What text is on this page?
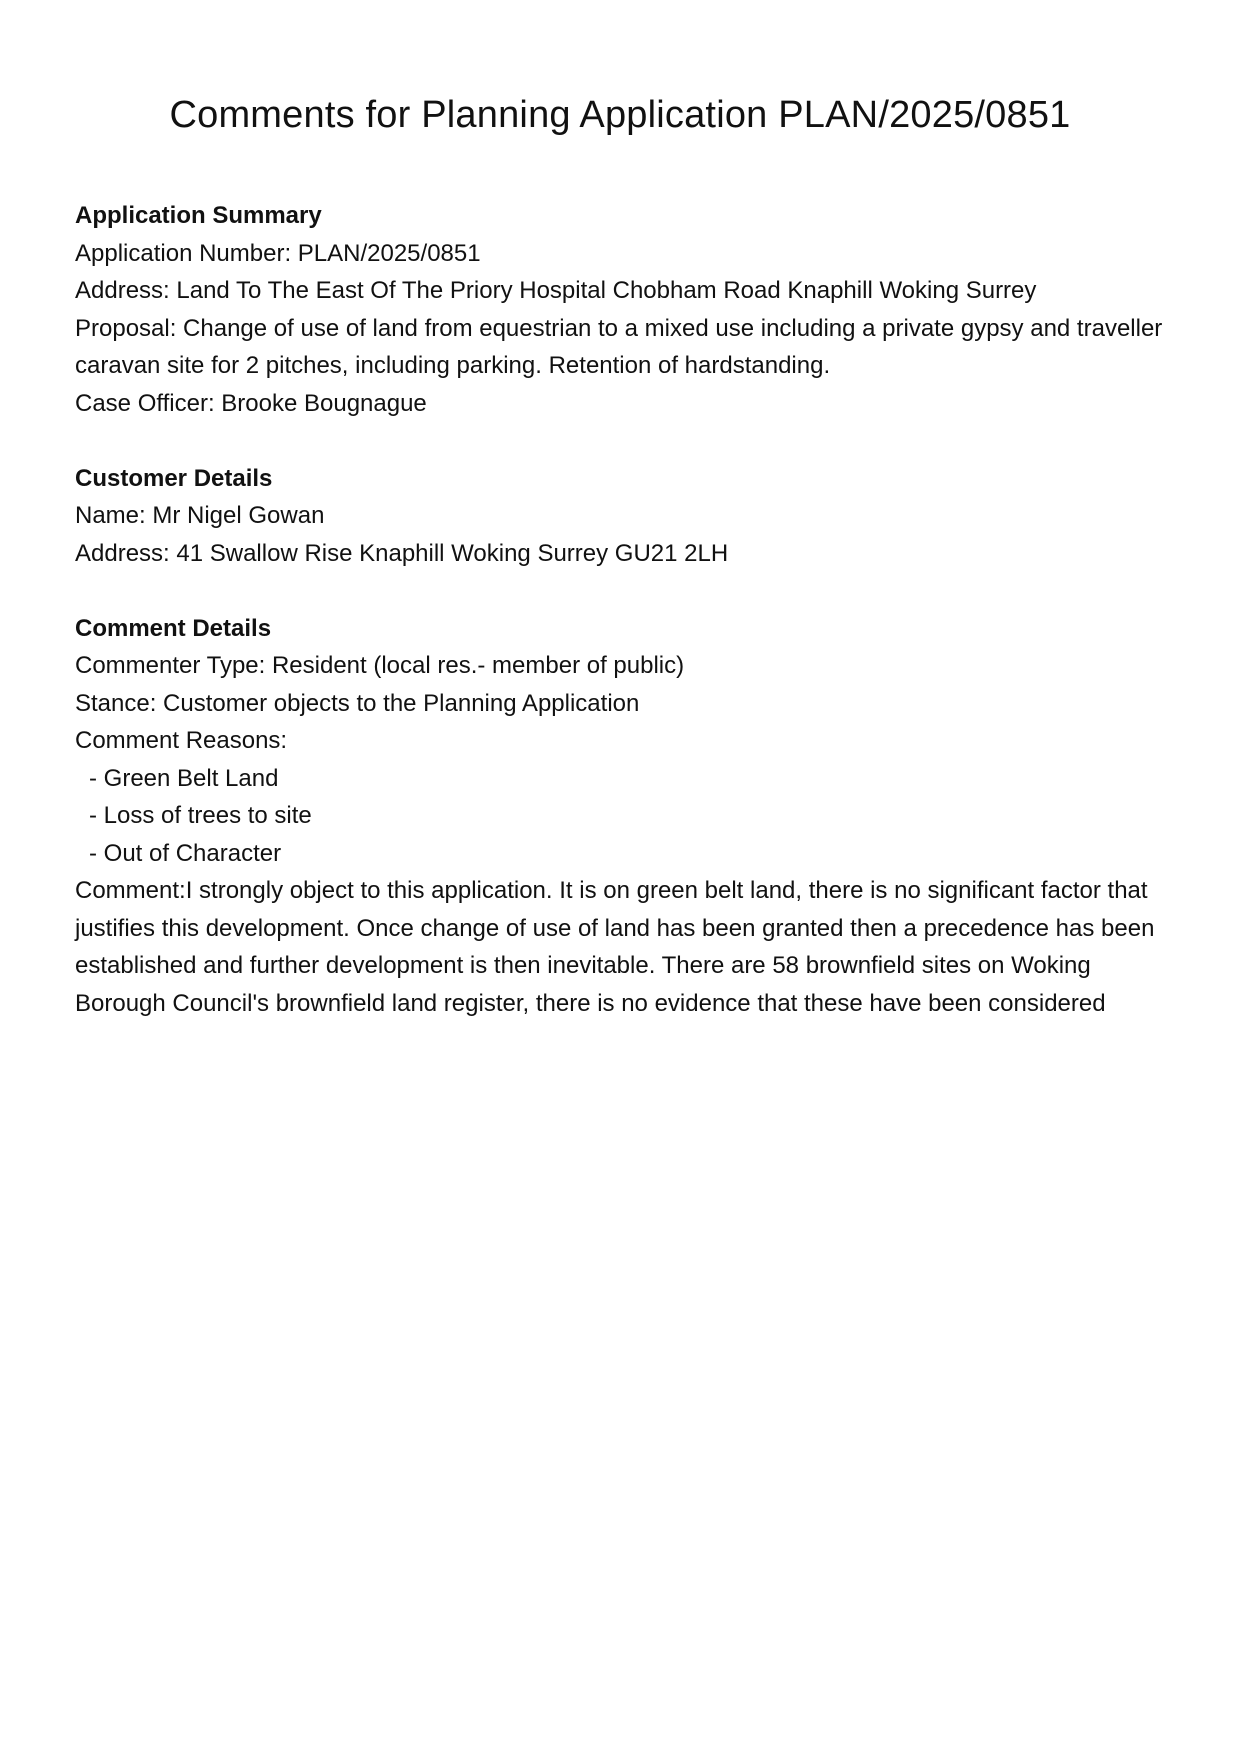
Comments for Planning Application PLAN/2025/0851

Application Summary

Application Number: PLAN/2025/0851

Address: Land To The East Of The Priory Hospital Chobham Road Knaphill Woking Surrey

Proposal: Change of use of land from equestrian to a mixed use including a private gypsy and traveller caravan site for 2 pitches, including parking. Retention of hardstanding.

Case Officer: Brooke Bougnague

Customer Details

Name: Mr Nigel Gowan

Address: 41 Swallow Rise Knaphill Woking Surrey GU21 2LH

Comment Details

Commenter Type: Resident (local res.- member of public)

Stance: Customer objects to the Planning Application

Comment Reasons:

- Green Belt Land

- Loss of trees to site

- Out of Character

Comment:I strongly object to this application. It is on green belt land, there is no significant factor that justifies this development. Once change of use of land has been granted then a precedence has been established and further development is then inevitable. There are 58 brownfield sites on Woking Borough Council's brownfield land register, there is no evidence that these have been considered
